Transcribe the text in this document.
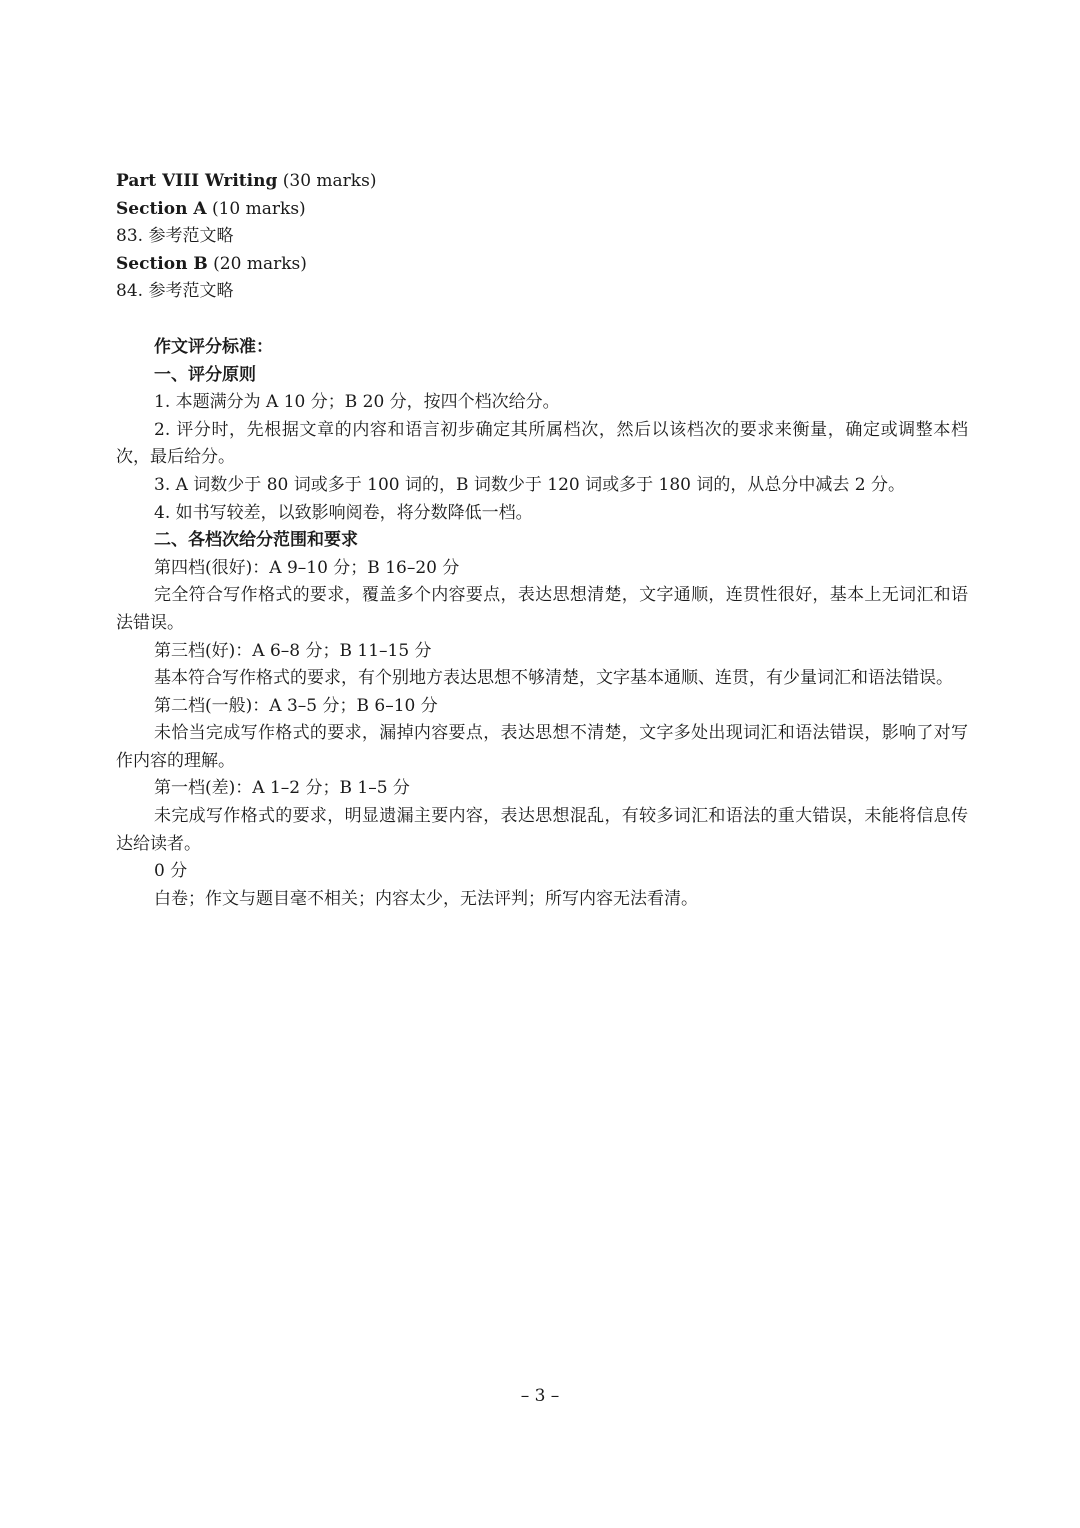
Part VIII Writing (30 marks)

Section A (10 marks)

83. 参考范文略

Section B (20 marks)

84. 参考范文略

作文评分标准：

一、评分原则

1. 本题满分为 A 10 分；B 20 分，按四个档次给分。

2. 评分时，先根据文章的内容和语言初步确定其所属档次，然后以该档次的要求来衡量，确定或调整本档次，最后给分。

3. A 词数少于 80 词或多于 100 词的，B 词数少于 120 词或多于 180 词的，从总分中减去 2 分。

4. 如书写较差，以致影响阅卷，将分数降低一档。

二、各档次给分范围和要求

第四档(很好)：A 9–10 分；B 16–20 分

完全符合写作格式的要求，覆盖多个内容要点，表达思想清楚，文字通顺，连贯性很好，基本上无词汇和语法错误。

第三档(好)：A 6–8 分；B 11–15 分

基本符合写作格式的要求，有个别地方表达思想不够清楚，文字基本通顺、连贯，有少量词汇和语法错误。

第二档(一般)：A 3–5 分；B 6–10 分

未恰当完成写作格式的要求，漏掉内容要点，表达思想不清楚，文字多处出现词汇和语法错误，影响了对写作内容的理解。

第一档(差)：A 1–2 分；B 1–5 分

未完成写作格式的要求，明显遗漏主要内容，表达思想混乱，有较多词汇和语法的重大错误，未能将信息传达给读者。

0 分

白卷；作文与题目毫不相关；内容太少，无法评判；所写内容无法看清。

– 3 –
